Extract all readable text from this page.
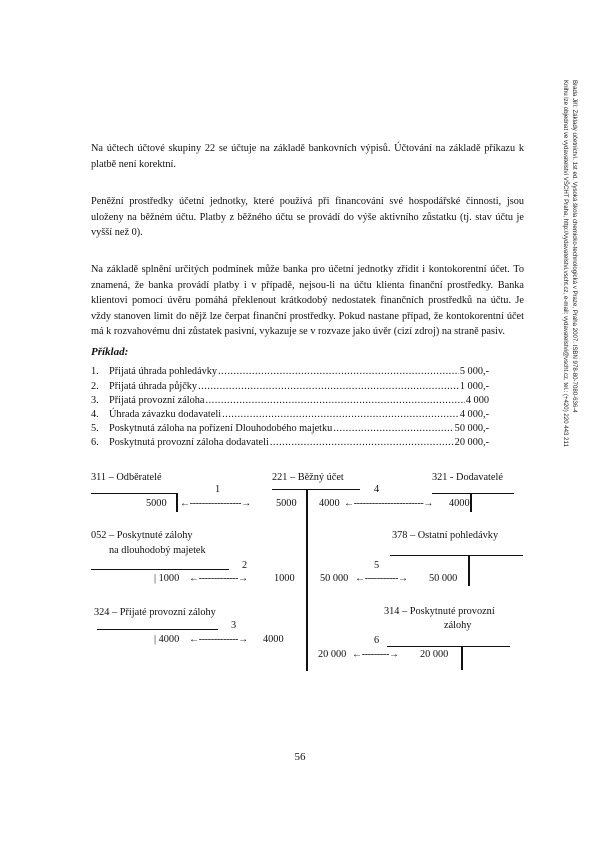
Brada Jiří: Základy účetnictví. 1st ed. Vysoká škola chemicko-technologická v Praze, Praha 2007. ISBN 978-80-7080-636-4
Knihu lze objednat ve vydavatelství VŠCHT Praha, http://vydavatelstvi.vscht.cz, e-mail: vydavatelstvi@vscht.cz, tel.: (+420) 220 443 211
Na účtech účtové skupiny 22 se účtuje na základě bankovních výpisů. Účtování na základě příkazu k platbě není korektní.
Peněžní prostředky účetní jednotky, které používá při financování své hospodářské činnosti, jsou uloženy na běžném účtu. Platby z běžného účtu se provádí do výše aktivního zůstatku (tj. stav účtu je vyšší než 0).
Na základě splnění určitých podmínek může banka pro účetní jednotky zřídit i kontokorentní účet. To znamená, že banka provádí platby i v případě, nejsou-li na účtu klienta finanční prostředky. Banka klientovi pomocí úvěru pomáhá překlenout krátkodobý nedostatek finančních prostředků na účtu. Je vždy stanoven limit do nějž lze čerpat finanční prostředky. Pokud nastane případ, že kontokorentní účet má k rozvahovému dni zůstatek pasivní, vykazuje se v rozvaze jako úvěr (cizí zdroj) na straně pasiv.
Příklad:
1. Přijatá úhrada pohledávky .....	5 000,-
2. Přijatá úhrada půjčky .....	1 000,-
3. Přijatá provozní záloha .....	4 000
4. Úhrada závazku dodavateli .....	4 000,-
5. Poskytnutá záloha na pořízení Dlouhodobého majetku .....	50 000,-
6. Poskytnutá provozní záloha dodavateli .....	20 000,-
221 – Běžný účet
311 – Odběratelé	321 - Dodavatelé
1
5000 ←-----------------→ 5000
4
4000 ←-----------------------→ 4000
052 – Poskytnuté zálohy
na dlouhodobý majetek
378 – Ostatní pohledávky
2
| 1000 ←-------------→	1000
5
50 000 ←-----------→ 50 000
324 – Přijaté provozní zálohy	314 – Poskytnuté provozní
zálohy
3
| 4000 ←-------------→ 4000	6
20 000 ←---------→ 20 000
56
